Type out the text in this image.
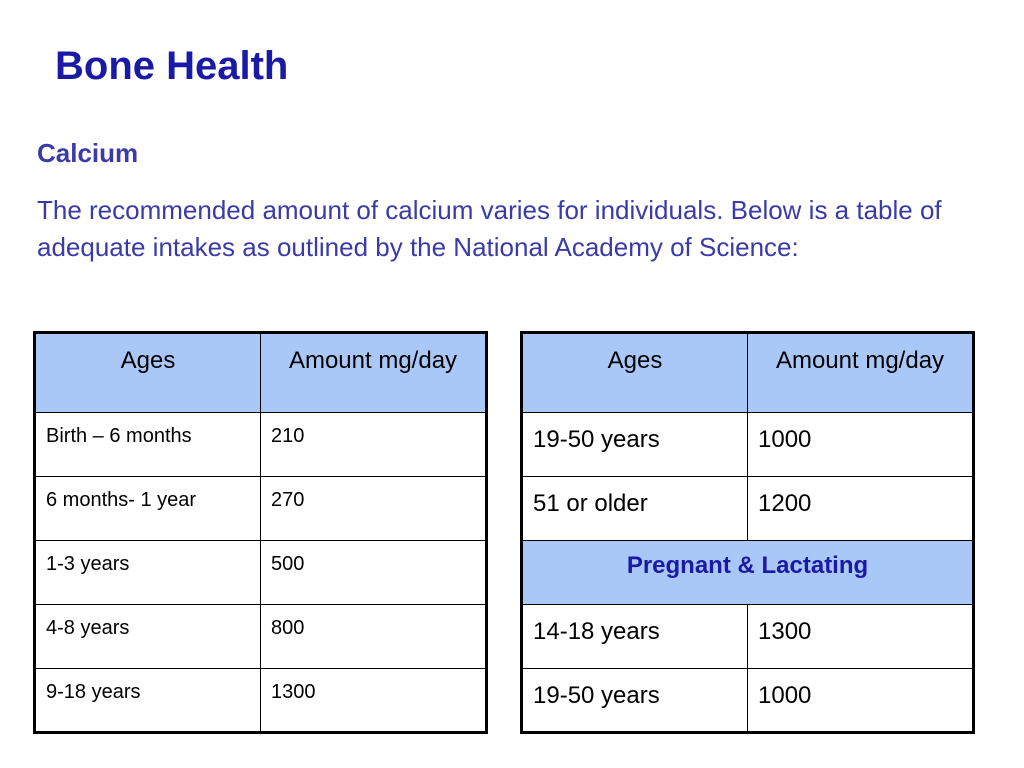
Bone Health
Calcium
The recommended amount of calcium varies for individuals. Below is a table of adequate intakes as outlined by the National Academy of Science:
Ages	Amount mg/day
Birth – 6 months	210
6 months- 1 year	270
1-3 years	500
4-8 years	800
9-18 years	1300
Ages	Amount mg/day
19-50 years	1000
51 or older	1200
Pregnant & Lactating	
14-18 years	1300
19-50 years	1000
